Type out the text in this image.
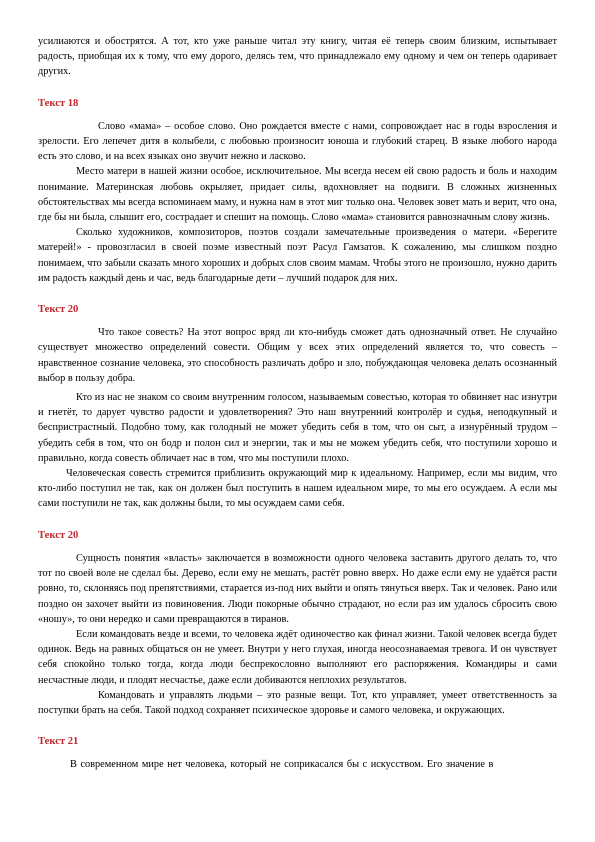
усилиаются и обострятся. А тот, кто уже раньше читал эту книгу, читая её теперь своим близким, испытывает радость, приобщая их к тому, что ему дорого, делясь тем, что принадлежало ему одному и чем он теперь одаривает других.

Текст 18

Слово «мама» – особое слово. Оно рождается вместе с нами, сопровождает нас в годы взросления и зрелости. Его лепечет дитя в колыбели, с любовью произносит юноша и глубокий старец. В языке любого народа есть это слово, и на всех языках оно звучит нежно и ласково.

Место матери в нашей жизни особое, исключительное. Мы всегда несем ей свою радость и боль и находим понимание. Материнская любовь окрыляет, придает силы, вдохновляет на подвиги. В сложных жизненных обстоятельствах мы всегда вспоминаем маму, и нужна нам в этот миг только она. Человек зовет мать и верит, что она, где бы ни была, слышит его, сострадает и спешит на помощь. Слово «мама» становится равнозначным слову жизнь.

Сколько художников, композиторов, поэтов создали замечательные произведения о матери. «Берегите матерей!» - провозгласил в своей поэме известный поэт Расул Гамзатов. К сожалению, мы слишком поздно понимаем, что забыли сказать много хороших и добрых слов своим мамам. Чтобы этого не произошло, нужно дарить им радость каждый день и час, ведь благодарные дети – лучший подарок для них.

Текст 20

Что такое совесть? На этот вопрос вряд ли кто-нибудь сможет дать однозначный ответ. Не случайно существует множество определений совести. Общим у всех этих определений является то, что совесть – нравственное сознание человека, это способность различать добро и зло, побуждающая человека делать осознанный выбор в пользу добра.

Кто из нас не знаком со своим внутренним голосом, называемым совестью, которая то обвиняет нас изнутри и гнетёт, то дарует чувство радости и удовлетворения? Это наш внутренний контролёр и судья, неподкупный и беспристрастный. Подобно тому, как голодный не может убедить себя в том, что он сыт, а изнурённый трудом – убедить себя в том, что он бодр и полон сил и энергии, так и мы не можем убедить себя, что поступили хорошо и правильно, когда совесть обличает нас в том, что мы поступили плохо.

Человеческая совесть стремится приблизить окружающий мир к идеальному. Например, если мы видим, что кто-либо поступил не так, как он должен был поступить в нашем идеальном мире, то мы его осуждаем. А если мы сами поступили не так, как должны были, то мы осуждаем сами себя.

Текст 20

Сущность понятия «власть» заключается в возможности одного человека заставить другого делать то, что тот по своей воле не сделал бы. Дерево, если ему не мешать, растёт ровно вверх. Но даже если ему не удаётся расти ровно, то, склоняясь под препятствиями, старается из-под них выйти и опять тянуться вверх. Так и человек. Рано или поздно он захочет выйти из повиновения. Люди покорные обычно страдают, но если раз им удалось сбросить свою «ношу», то они нередко и сами превращаются в тиранов.

Если командовать везде и всеми, то человека ждёт одиночество как финал жизни. Такой человек всегда будет одинок. Ведь на равных общаться он не умеет. Внутри у него глухая, иногда неосознаваемая тревога. И он чувствует себя спокойно только тогда, когда люди беспрекословно выполняют его распоряжения. Командиры и сами несчастные люди, и плодят несчастье, даже если добиваются неплохих результатов.

Командовать и управлять людьми – это разные вещи. Тот, кто управляет, умеет ответственность за поступки брать на себя. Такой подход сохраняет психическое здоровье и самого человека, и окружающих.

Текст 21

В современном мире нет человека, который не соприкасался бы с искусством. Его значение в
